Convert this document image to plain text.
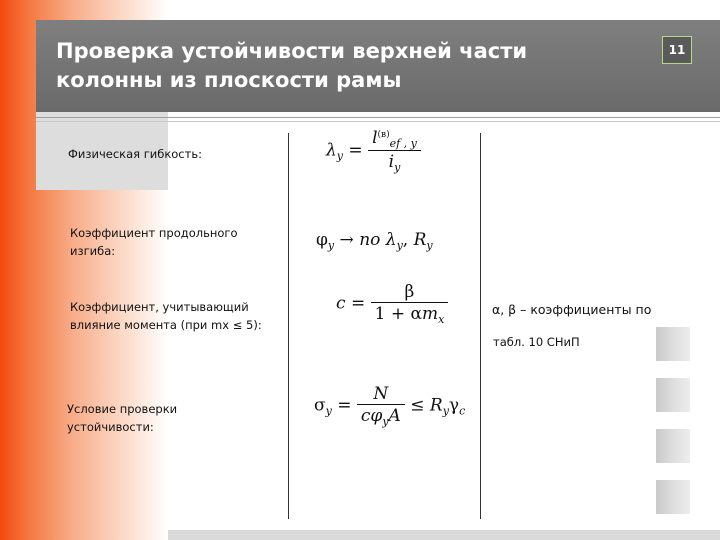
Проверка устойчивости верхней части
колонны из плоскости рамы
11

Физическая гибкость:

Коэффициент продольного
изгиба:

Коэффициент, учитывающий
влияние момента (при mx ≤ 5):

Условие проверки
устойчивости:

$\lambda_y = \frac{l^{(в)}_{ef , y}}{i_y}$
$\varphi_y$ → по $\lambda_y$, $R_y$
$c = \frac{\beta}{1 + \alpha m_x}$
$\sigma_y = \frac{N}{c\varphi_yA} \le R_y\gamma_c$

α, β – коэффициенты по

табл. 10 СНиП
